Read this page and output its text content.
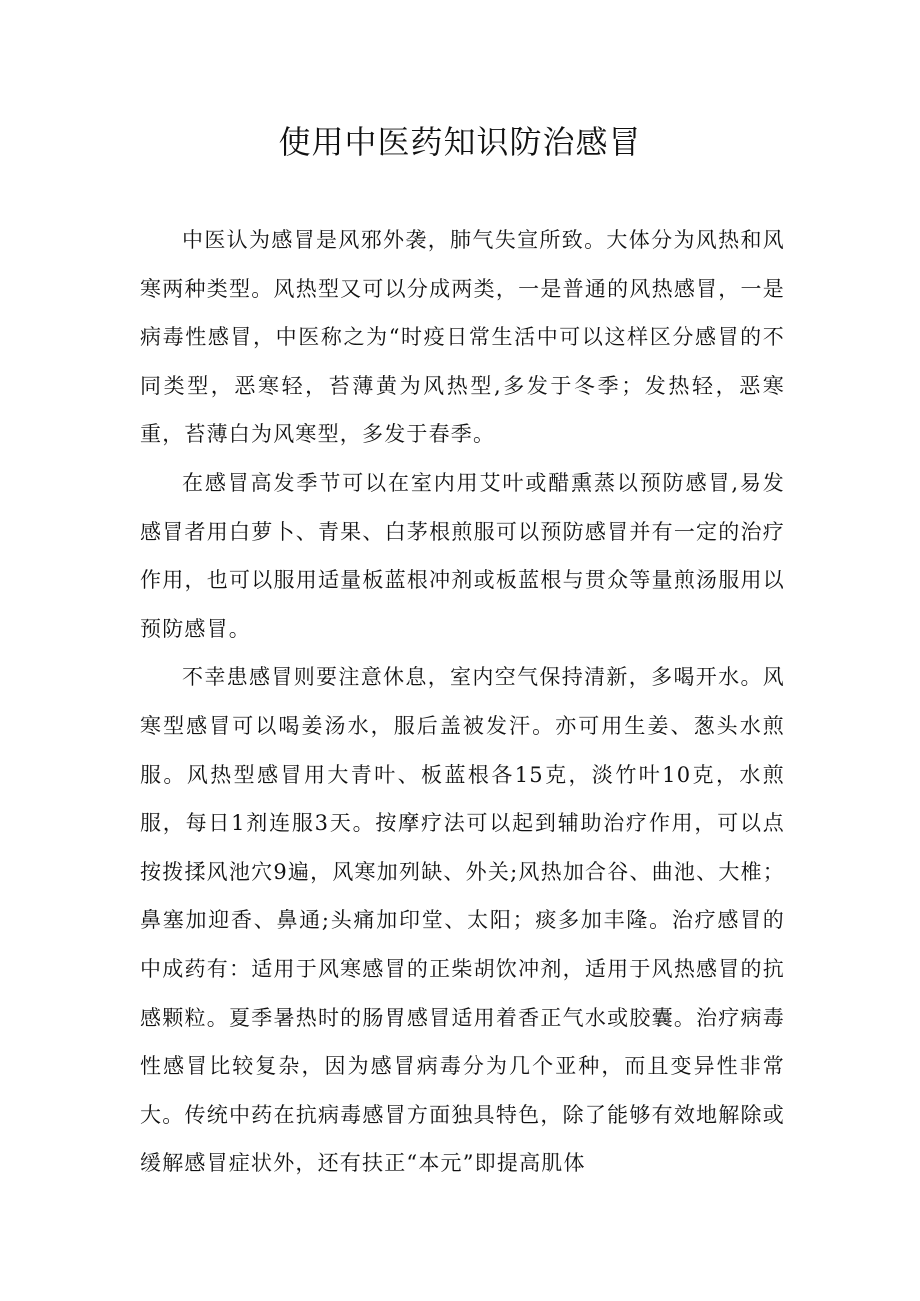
使用中医药知识防治感冒

中医认为感冒是风邪外袭，肺气失宣所致。大体分为风热和风寒两种类型。风热型又可以分成两类，一是普通的风热感冒，一是病毒性感冒，中医称之为“时疫日常生活中可以这样区分感冒的不同类型，恶寒轻，苔薄黄为风热型,多发于冬季；发热轻，恶寒重，苔薄白为风寒型，多发于春季。

在感冒高发季节可以在室内用艾叶或醋熏蒸以预防感冒,易发感冒者用白萝卜、青果、白茅根煎服可以预防感冒并有一定的治疗作用，也可以服用适量板蓝根冲剂或板蓝根与贯众等量煎汤服用以预防感冒。

不幸患感冒则要注意休息，室内空气保持清新，多喝开水。风寒型感冒可以喝姜汤水，服后盖被发汗。亦可用生姜、葱头水煎服。风热型感冒用大青叶、板蓝根各15克，淡竹叶10克，水煎服，每日1剂连服3天。按摩疗法可以起到辅助治疗作用，可以点按拨揉风池穴9遍，风寒加列缺、外关;风热加合谷、曲池、大椎；鼻塞加迎香、鼻通;头痛加印堂、太阳；痰多加丰隆。治疗感冒的中成药有：适用于风寒感冒的正柴胡饮冲剂，适用于风热感冒的抗感颗粒。夏季暑热时的肠胃感冒适用着香正气水或胶囊。治疗病毒性感冒比较复杂，因为感冒病毒分为几个亚种，而且变异性非常大。传统中药在抗病毒感冒方面独具特色，除了能够有效地解除或缓解感冒症状外，还有扶正“本元”即提高肌体
